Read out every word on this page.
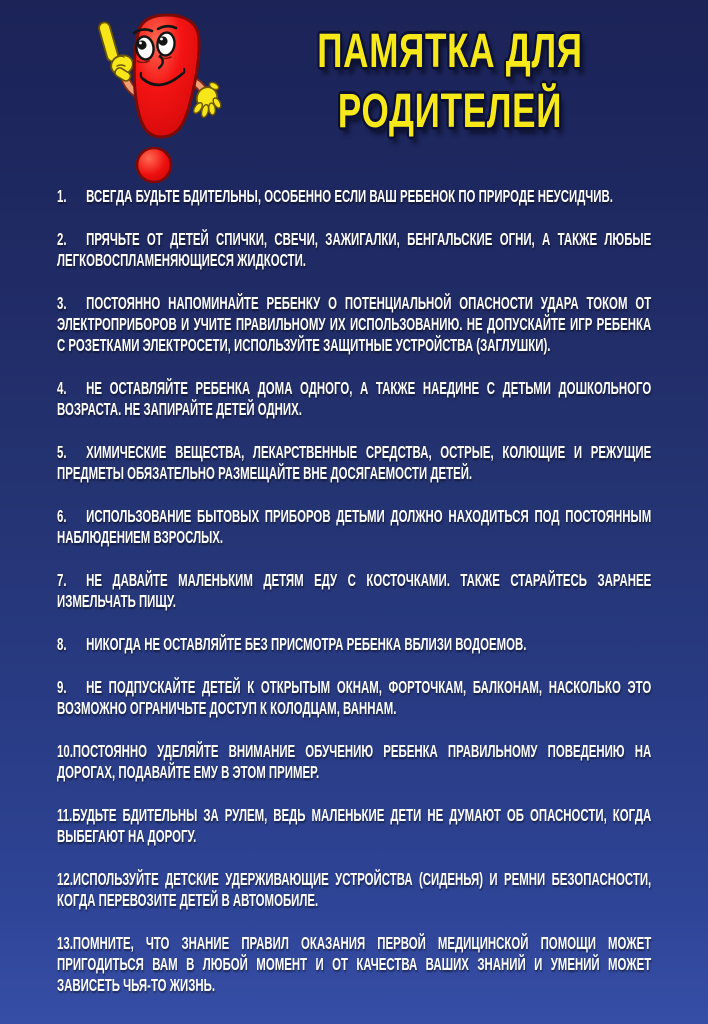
ПАМЯТКА ДЛЯ
РОДИТЕЛЕЙ

1. ВСЕГДА БУДЬТЕ БДИТЕЛЬНЫ, ОСОБЕННО ЕСЛИ ВАШ РЕБЕНОК ПО ПРИРОДЕ НЕУСИДЧИВ.

2. ПРЯЧЬТЕ ОТ ДЕТЕЙ СПИЧКИ, СВЕЧИ, ЗАЖИГАЛКИ, БЕНГАЛЬСКИЕ ОГНИ, А ТАКЖЕ ЛЮБЫЕ ЛЕГКОВОСПЛАМЕНЯЮЩИЕСЯ ЖИДКОСТИ.

3. ПОСТОЯННО НАПОМИНАЙТЕ РЕБЕНКУ О ПОТЕНЦИАЛЬНОЙ ОПАСНОСТИ УДАРА ТОКОМ ОТ ЭЛЕКТРОПРИБОРОВ И УЧИТЕ ПРАВИЛЬНОМУ ИХ ИСПОЛЬЗОВАНИЮ. НЕ ДОПУСКАЙТЕ ИГР РЕБЕНКА С РОЗЕТКАМИ ЭЛЕКТРОСЕТИ, ИСПОЛЬЗУЙТЕ ЗАЩИТНЫЕ УСТРОЙСТВА (ЗАГЛУШКИ).

4. НЕ ОСТАВЛЯЙТЕ РЕБЕНКА ДОМА ОДНОГО, А ТАКЖЕ НАЕДИНЕ С ДЕТЬМИ ДОШКОЛЬНОГО ВОЗРАСТА. НЕ ЗАПИРАЙТЕ ДЕТЕЙ ОДНИХ.

5. ХИМИЧЕСКИЕ ВЕЩЕСТВА, ЛЕКАРСТВЕННЫЕ СРЕДСТВА, ОСТРЫЕ, КОЛЮЩИЕ И РЕЖУЩИЕ ПРЕДМЕТЫ ОБЯЗАТЕЛЬНО РАЗМЕЩАЙТЕ ВНЕ ДОСЯГАЕМОСТИ ДЕТЕЙ.

6. ИСПОЛЬЗОВАНИЕ БЫТОВЫХ ПРИБОРОВ ДЕТЬМИ ДОЛЖНО НАХОДИТЬСЯ ПОД ПОСТОЯННЫМ НАБЛЮДЕНИЕМ ВЗРОСЛЫХ.

7. НЕ ДАВАЙТЕ МАЛЕНЬКИМ ДЕТЯМ ЕДУ С КОСТОЧКАМИ. ТАКЖЕ СТАРАЙТЕСЬ ЗАРАНЕЕ ИЗМЕЛЬЧАТЬ ПИЩУ.

8. НИКОГДА НЕ ОСТАВЛЯЙТЕ БЕЗ ПРИСМОТРА РЕБЕНКА ВБЛИЗИ ВОДОЕМОВ.

9. НЕ ПОДПУСКАЙТЕ ДЕТЕЙ К ОТКРЫТЫМ ОКНАМ, ФОРТОЧКАМ, БАЛКОНАМ, НАСКОЛЬКО ЭТО ВОЗМОЖНО ОГРАНИЧЬТЕ ДОСТУП К КОЛОДЦАМ, ВАННАМ.

10.ПОСТОЯННО УДЕЛЯЙТЕ ВНИМАНИЕ ОБУЧЕНИЮ РЕБЕНКА ПРАВИЛЬНОМУ ПОВЕДЕНИЮ НА ДОРОГАХ, ПОДАВАЙТЕ ЕМУ В ЭТОМ ПРИМЕР.

11.БУДЬТЕ БДИТЕЛЬНЫ ЗА РУЛЕМ, ВЕДЬ МАЛЕНЬКИЕ ДЕТИ НЕ ДУМАЮТ ОБ ОПАСНОСТИ, КОГДА ВЫБЕГАЮТ НА ДОРОГУ.

12.ИСПОЛЬЗУЙТЕ ДЕТСКИЕ УДЕРЖИВАЮЩИЕ УСТРОЙСТВА (СИДЕНЬЯ) И РЕМНИ БЕЗОПАСНОСТИ, КОГДА ПЕРЕВОЗИТЕ ДЕТЕЙ В АВТОМОБИЛЕ.

13.ПОМНИТЕ, ЧТО ЗНАНИЕ ПРАВИЛ ОКАЗАНИЯ ПЕРВОЙ МЕДИЦИНСКОЙ ПОМОЩИ МОЖЕТ ПРИГОДИТЬСЯ ВАМ В ЛЮБОЙ МОМЕНТ И ОТ КАЧЕСТВА ВАШИХ ЗНАНИЙ И УМЕНИЙ МОЖЕТ ЗАВИСЕТЬ ЧЬЯ-ТО ЖИЗНЬ.
